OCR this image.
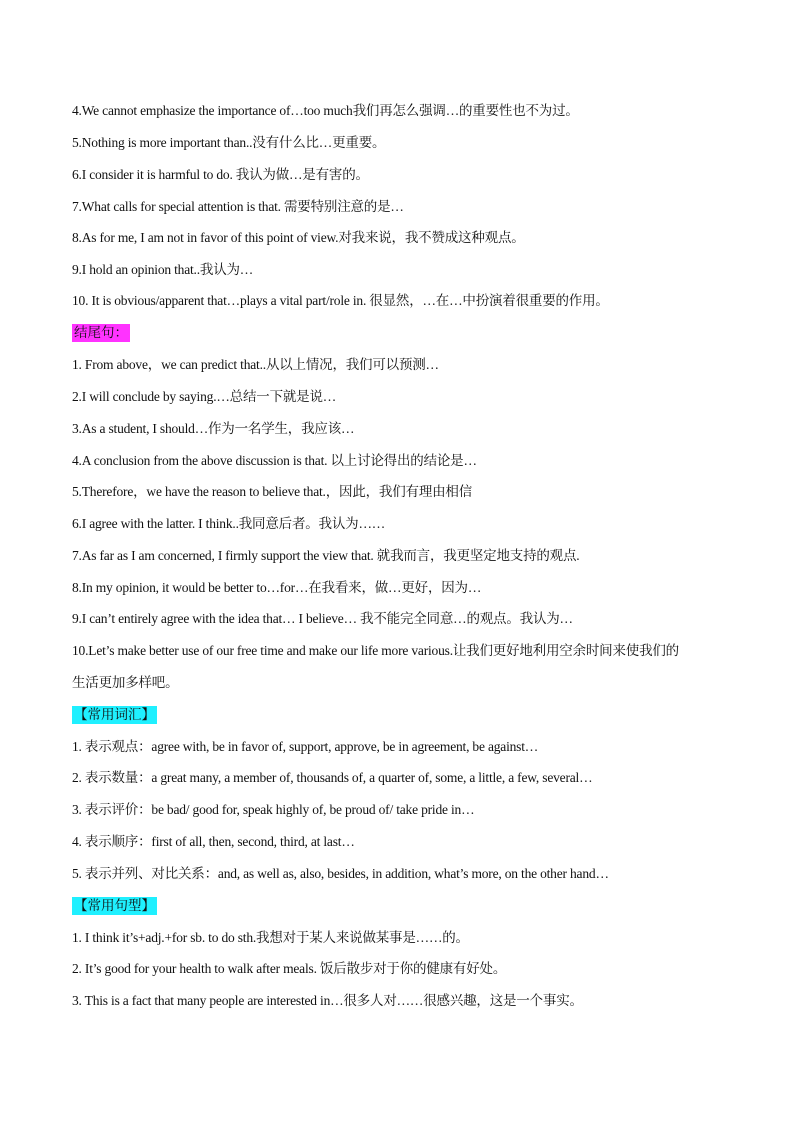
4.We cannot emphasize the importance of…too much我们再怎么强调…的重要性也不为过。
5.Nothing is more important than..没有什么比…更重要。
6.I consider it is harmful to do. 我认为做…是有害的。
7.What calls for special attention is that. 需要特别注意的是…
8.As for me, I am not in favor of this point of view.对我来说，我不赞成这种观点。
9.I hold an opinion that..我认为…
10. It is obvious/apparent that…plays a vital part/role in. 很显然，…在…中扮演着很重要的作用。
结尾句：
1. From above，we can predict that..从以上情况，我们可以预测…
2.I will conclude by saying.…总结一下就是说…
3.As a student, I should…作为一名学生，我应该…
4.A conclusion from the above discussion is that. 以上讨论得出的结论是…
5.Therefore，we have the reason to believe that.，因此，我们有理由相信
6.I agree with the latter. I think..我同意后者。我认为……
7.As far as I am concerned, I firmly support the view that. 就我而言，我更坚定地支持的观点.
8.In my opinion, it would be better to…for…在我看来，做…更好，因为…
9.I can’t entirely agree with the idea that… I believe… 我不能完全同意…的观点。我认为…
10.Let’s make better use of our free time and make our life more various.让我们更好地利用空余时间来使我们的
生活更加多样吧。
【常用词汇】
1. 表示观点：agree with, be in favor of, support, approve, be in agreement, be against…
2. 表示数量：a great many, a member of, thousands of, a quarter of, some, a little, a few, several…
3. 表示评价：be bad/ good for, speak highly of, be proud of/ take pride in…
4. 表示顺序：first of all, then, second, third, at last…
5. 表示并列、对比关系：and, as well as, also, besides, in addition, what’s more, on the other hand…
【常用句型】
1. I think it’s+adj.+for sb. to do sth.我想对于某人来说做某事是……的。
2. It’s good for your health to walk after meals. 饭后散步对于你的健康有好处。
3. This is a fact that many people are interested in…很多人对……很感兴趣，这是一个事实。
